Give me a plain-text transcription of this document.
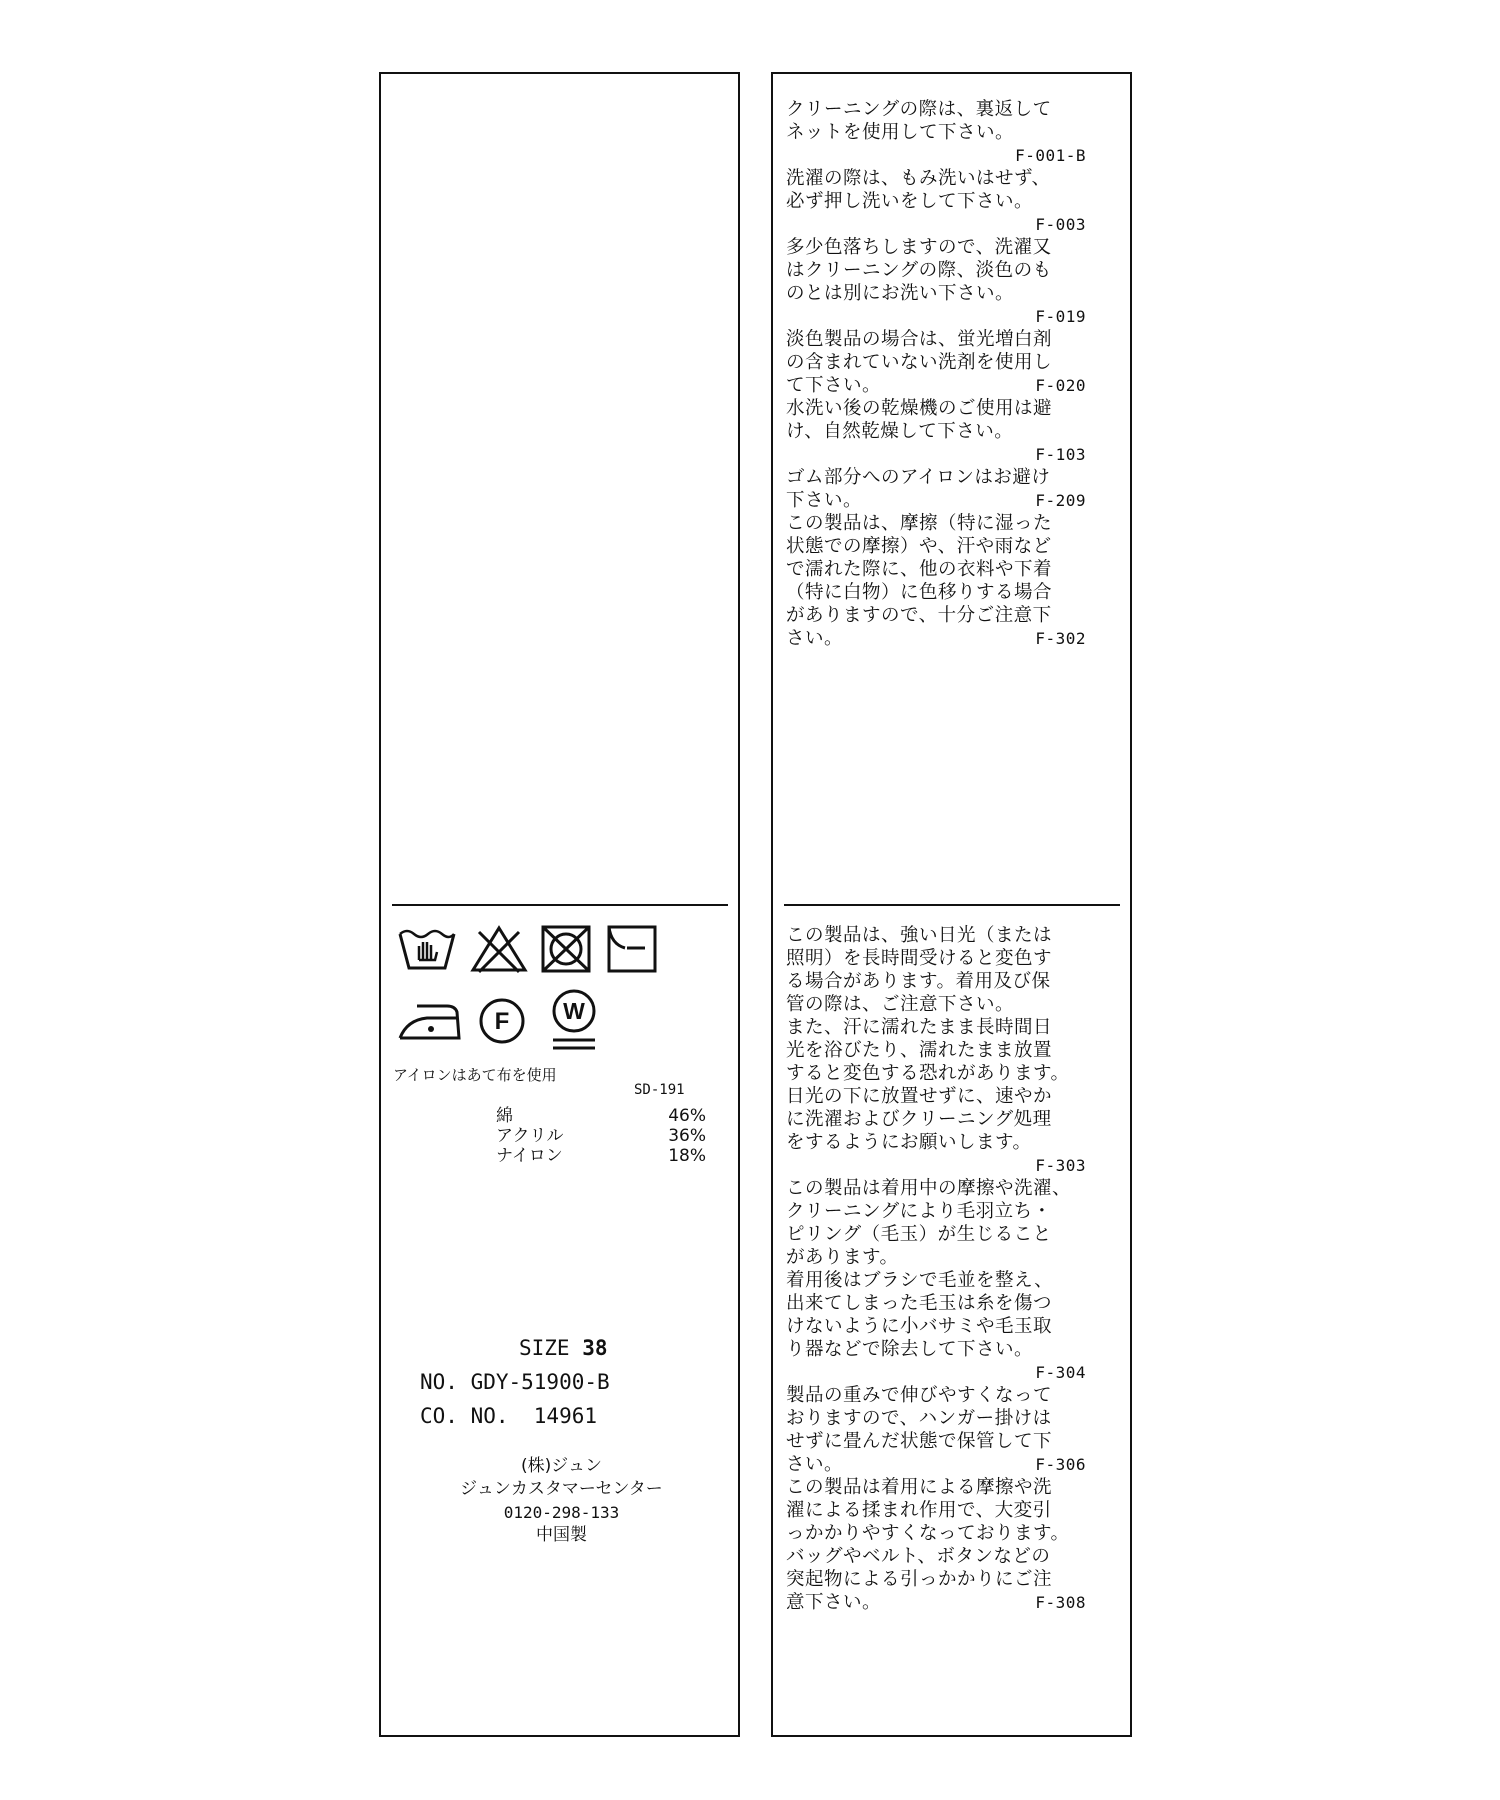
F W

アイロンはあて布を使用

SD-191

綿	46%
アクリル	36%
ナイロン	18%

SIZE 38

NO. GDY-51900-B

CO. NO.  14961

(株)ジュン

ジュンカスタマーセンター

0120-298-133

中国製

クリーニングの際は、裏返して
ネットを使用して下さい。

F-001-B

洗濯の際は、もみ洗いはせず、
必ず押し洗いをして下さい。

F-003

多少色落ちしますので、洗濯又
はクリーニングの際、淡色のも
のとは別にお洗い下さい。

F-019

淡色製品の場合は、蛍光増白剤
の含まれていない洗剤を使用し
て下さい。	F-020

水洗い後の乾燥機のご使用は避
け、自然乾燥して下さい。

F-103

ゴム部分へのアイロンはお避け
下さい。	F-209

この製品は、摩擦（特に湿った
状態での摩擦）や、汗や雨など
で濡れた際に、他の衣料や下着
（特に白物）に色移りする場合
がありますので、十分ご注意下
さい。	F-302

この製品は、強い日光（または
照明）を長時間受けると変色す
る場合があります。着用及び保
管の際は、ご注意下さい。
また、汗に濡れたまま長時間日
光を浴びたり、濡れたまま放置
すると変色する恐れがあります。
日光の下に放置せずに、速やか
に洗濯およびクリーニング処理
をするようにお願いします。

F-303

この製品は着用中の摩擦や洗濯、
クリーニングにより毛羽立ち・
ピリング（毛玉）が生じること
があります。
着用後はブラシで毛並を整え、
出来てしまった毛玉は糸を傷つ
けないように小バサミや毛玉取
り器などで除去して下さい。

F-304

製品の重みで伸びやすくなって
おりますので、ハンガー掛けは
せずに畳んだ状態で保管して下
さい。	F-306

この製品は着用による摩擦や洗
濯による揉まれ作用で、大変引
っかかりやすくなっております。
バッグやベルト、ボタンなどの
突起物による引っかかりにご注
意下さい。	F-308
